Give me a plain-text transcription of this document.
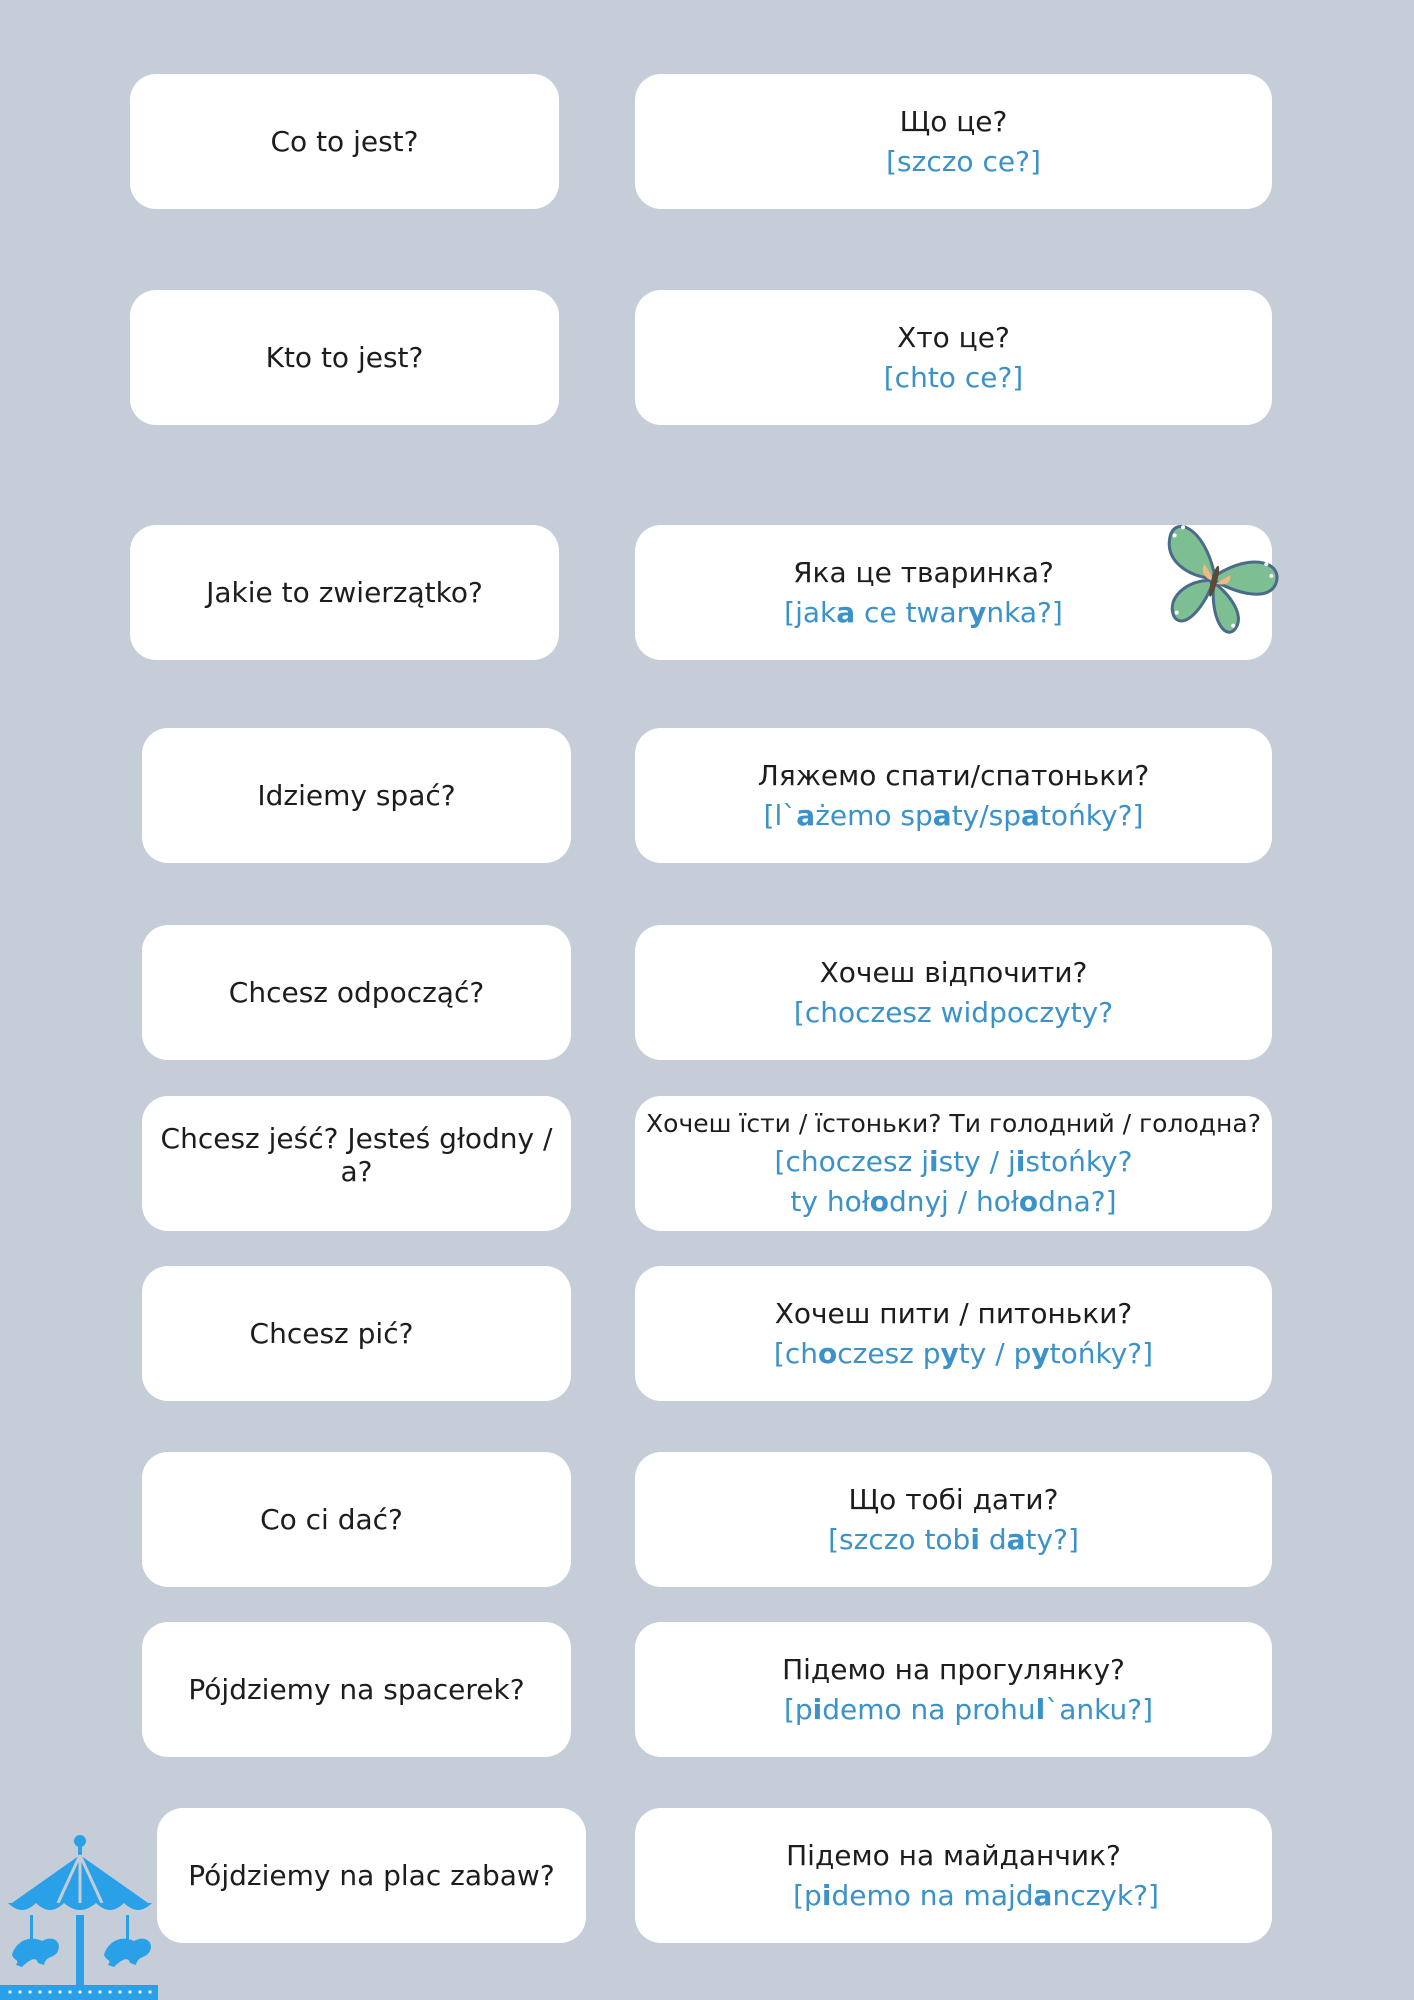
Co to jest?
Що це?
[szczo ce?]
Kto to jest?
Хто це?
[chto ce?]
Jakie to zwierzątko?
Яка це тваринка?
[jaka ce twarynka?]
Idziemy spać?
Ляжемо спати/спатоньки?
[l`ażemo spaty/spatońky?]
Chcesz odpocząć?
Хочеш відпочити?
[choczesz widpoczyty?
Chcesz jeść? Jesteś głodny / a?
Хочеш їсти / їстоньки? Ти голодний / голодна?
[choczesz jisty / jistońky?
ty hołodnyj / hołodna?]
Chcesz pić?
Хочеш пити / питоньки?
[choczesz pyty / pytońky?]
Co ci dać?
Що тобі дати?
[szczo tobi daty?]
Pójdziemy na spacerek?
Підемо на прогулянку?
[pidemo na prohul`anku?]
Pójdziemy na plac zabaw?
Підемо на майданчик?
[pidemo na majdanczyk?]
